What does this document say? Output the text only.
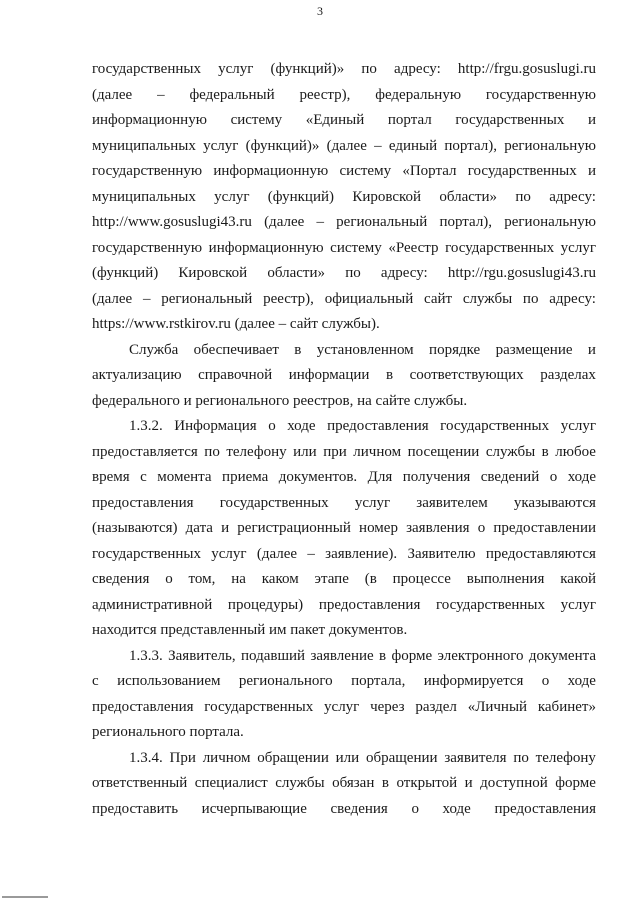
3
государственных услуг (функций)» по адресу: http://frgu.gosuslugi.ru
(далее – федеральный реестр), федеральную государственную
информационную систему «Единый портал государственных и
муниципальных услуг (функций)» (далее – единый портал), региональную
государственную информационную систему «Портал государственных и
муниципальных услуг (функций) Кировской области» по адресу:
http://www.gosuslugi43.ru (далее – региональный портал), региональную
государственную информационную систему «Реестр государственных услуг
(функций) Кировской области» по адресу: http://rgu.gosuslugi43.ru
(далее – региональный реестр), официальный сайт службы по адресу:
https://www.rstkirov.ru (далее – сайт службы).
Служба обеспечивает в установленном порядке размещение и
актуализацию справочной информации в соответствующих разделах
федерального и регионального реестров, на сайте службы.
1.3.2. Информация о ходе предоставления государственных услуг
предоставляется по телефону или при личном посещении службы в любое
время с момента приема документов. Для получения сведений о ходе
предоставления государственных услуг заявителем указываются
(называются) дата и регистрационный номер заявления о предоставлении
государственных услуг (далее – заявление). Заявителю предоставляются
сведения о том, на каком этапе (в процессе выполнения какой
административной процедуры) предоставления государственных услуг
находится представленный им пакет документов.
1.3.3. Заявитель, подавший заявление в форме электронного документа
с использованием регионального портала, информируется о ходе
предоставления государственных услуг через раздел «Личный кабинет»
регионального портала.
1.3.4. При личном обращении или обращении заявителя по телефону
ответственный специалист службы обязан в открытой и доступной форме
предоставить исчерпывающие сведения о ходе предоставления
